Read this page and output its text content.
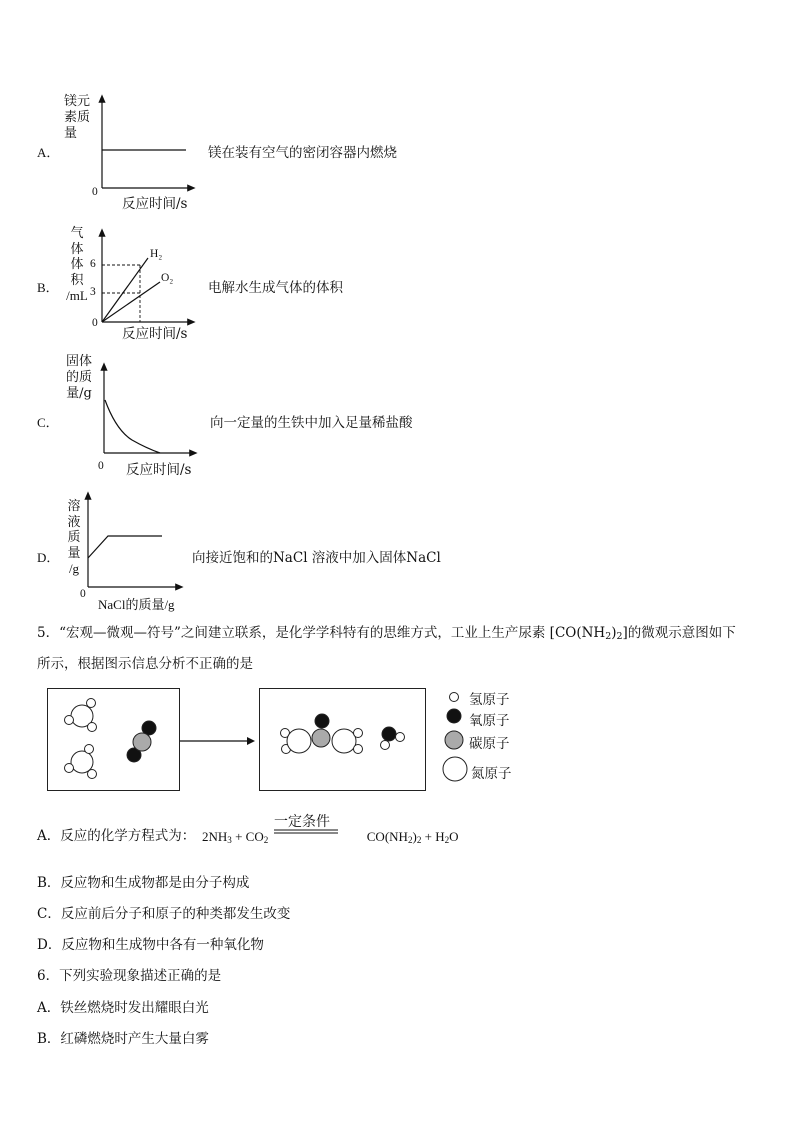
A．
镁元
素质
量
0
反应时间/s
镁在装有空气的密闭容器内燃烧
B．
气
体
体
积
/mL
6
3
0
H₂
O₂
反应时间/s
电解水生成气体的体积
C．
固体
的质
量/g
0 反应时间/s
向一定量的生铁中加入足量稀盐酸
D．
溶
液
质
量
/g
0
NaCl的质量/g
向接近饱和的NaCl 溶液中加入固体NaCl
5．“宏观—微观—符号”之间建立联系，是化学学科特有的思维方式，工业上生产尿素 $[CO(NH_2)_2]$的微观示意图如下
所示，根据图示信息分析不正确的是
氢原子
氧原子
碳原子
氮原子
A．反应的化学方程式为： $2NH_3 + CO_2$	$CO(NH_2)_2 + H_2O$
一定条件
B．反应物和生成物都是由分子构成
C．反应前后分子和原子的种类都发生改变
D．反应物和生成物中各有一种氧化物
6．下列实验现象描述正确的是
A．铁丝燃烧时发出耀眼白光
B．红磷燃烧时产生大量白雾
